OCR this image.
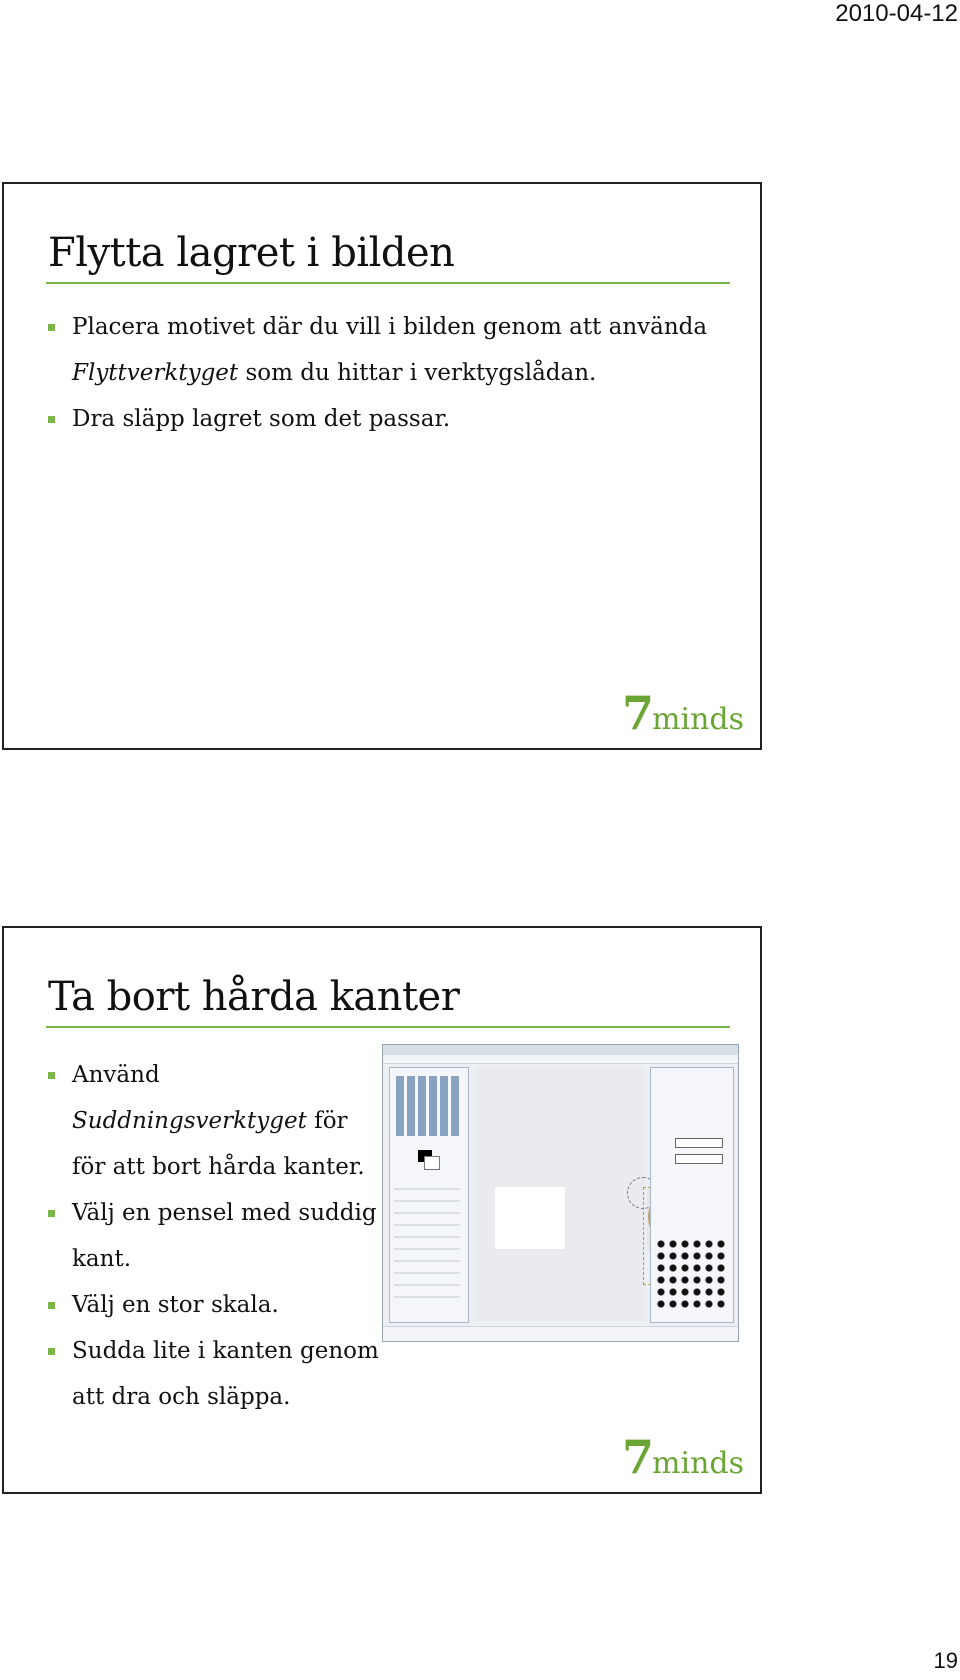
2010-04-12
Flytta lagret i bilden
Placera motivet där du vill i bilden genom att använda Flyttverktyget som du hittar i verktygslådan.
Dra släpp lagret som det passar.
7minds
Ta bort hårda kanter
Använd Suddningsverktyget för för att bort hårda kanter.
Välj en pensel med suddig kant.
Välj en stor skala.
Sudda lite i kanten genom att dra och släppa.
7minds
19
